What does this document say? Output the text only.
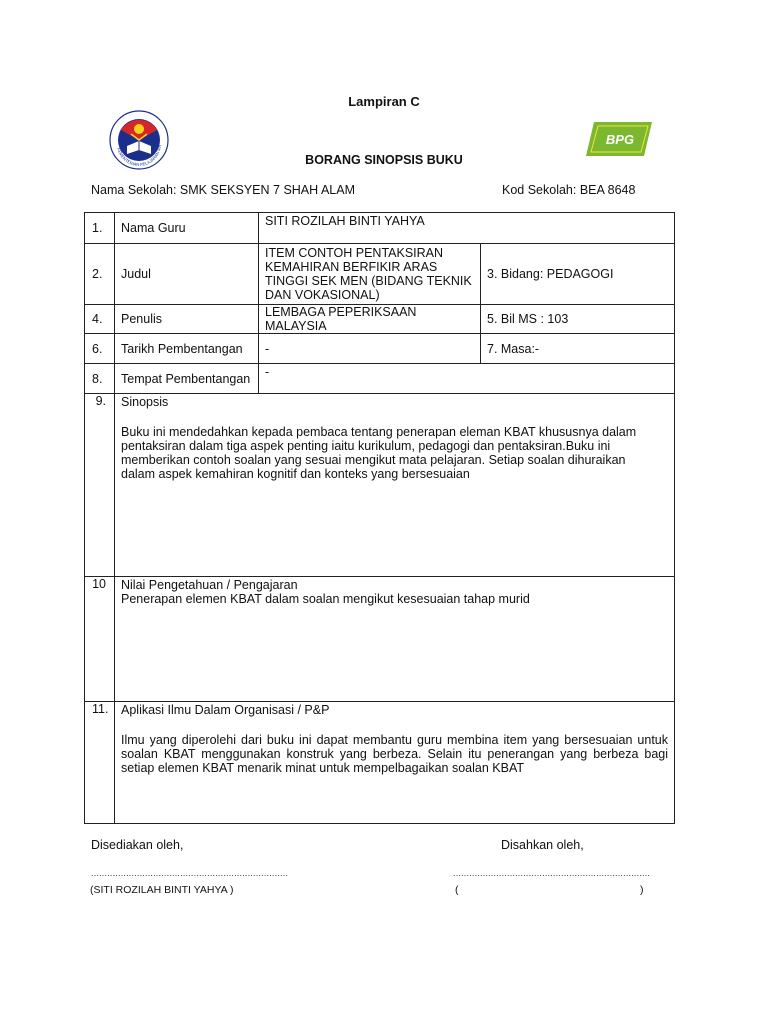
Lampiran C
KEMENTERIAN PELAJARAN MA	BPG
BORANG SINOPSIS BUKU
Nama Sekolah: SMK SEKSYEN 7 SHAH ALAM	Kod Sekolah: BEA 8648
1.	Nama Guru	SITI ROZILAH BINTI YAHYA	

2.	Judul	ITEM CONTOH PENTAKSIRAN KEMAHIRAN BERFIKIR ARAS TINGGI SEK MEN (BIDANG TEKNIK DAN VOKASIONAL)	3. Bidang: PEDAGOGI
4.	Penulis	LEMBAGA PEPERIKSAAN MALAYSIA	5. Bil MS : 103
6.	Tarikh Pembentangan	-	7. Masa:-
8.	Tempat Pembentangan	-	

9.	Sinopsis
Buku ini mendedahkan kepada pembaca tentang penerapan eleman KBAT khususnya dalam pentaksiran dalam tiga aspek penting iaitu kurikulum, pedagogi dan pentaksiran.Buku ini memberikan contoh soalan yang sesuai mengikut mata pelajaran. Setiap soalan dihuraikan dalam aspek kemahiran kognitif dan konteks yang bersesuaian		

10	Nilai Pengetahuan / Pengajaran
Penerapan elemen KBAT dalam soalan mengikut kesesuaian tahap murid		

11.	Aplikasi Ilmu Dalam Organisasi / P&P
Ilmu yang diperolehi dari buku ini dapat membantu guru membina item yang bersesuaian untuk soalan KBAT menggunakan konstruk yang berbeza. Selain itu penerangan yang berbeza bagi setiap elemen KBAT menarik minat untuk mempelbagaikan soalan KBAT		
Disediakan oleh,	Disahkan oleh,
.........................................................................	.........................................................................
(SITI ROZILAH BINTI YAHYA )	(	)
